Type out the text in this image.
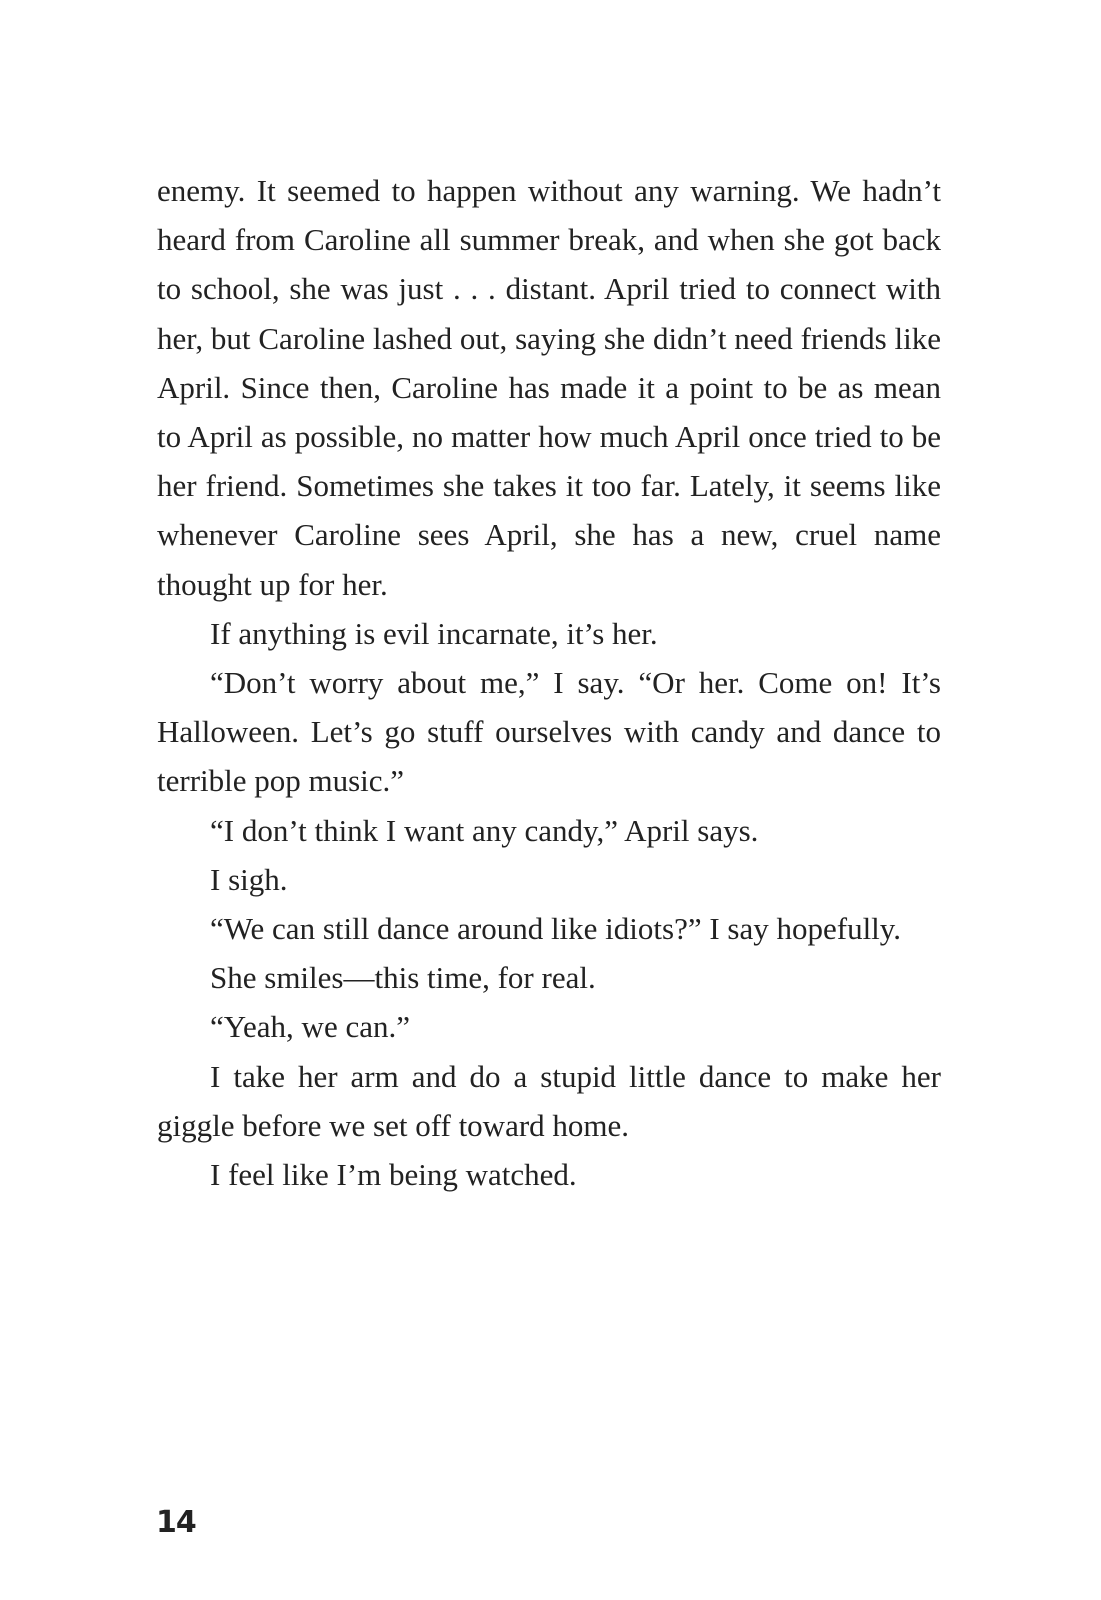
enemy. It seemed to happen without any warning. We hadn’t heard from Caroline all summer break, and when she got back to school, she was just . . . distant. April tried to connect with her, but Caroline lashed out, saying she didn’t need friends like April. Since then, Caroline has made it a point to be as mean to April as possible, no matter how much April once tried to be her friend. Sometimes she takes it too far. Lately, it seems like whenever Caroline sees April, she has a new, cruel name thought up for her.

If anything is evil incarnate, it’s her.

“Don’t worry about me,” I say. “Or her. Come on! It’s Halloween. Let’s go stuff ourselves with candy and dance to terrible pop music.”

“I don’t think I want any candy,” April says.

I sigh.

“We can still dance around like idiots?” I say hopefully.

She smiles—this time, for real.

“Yeah, we can.”

I take her arm and do a stupid little dance to make her giggle before we set off toward home.

I feel like I’m being watched.

14
